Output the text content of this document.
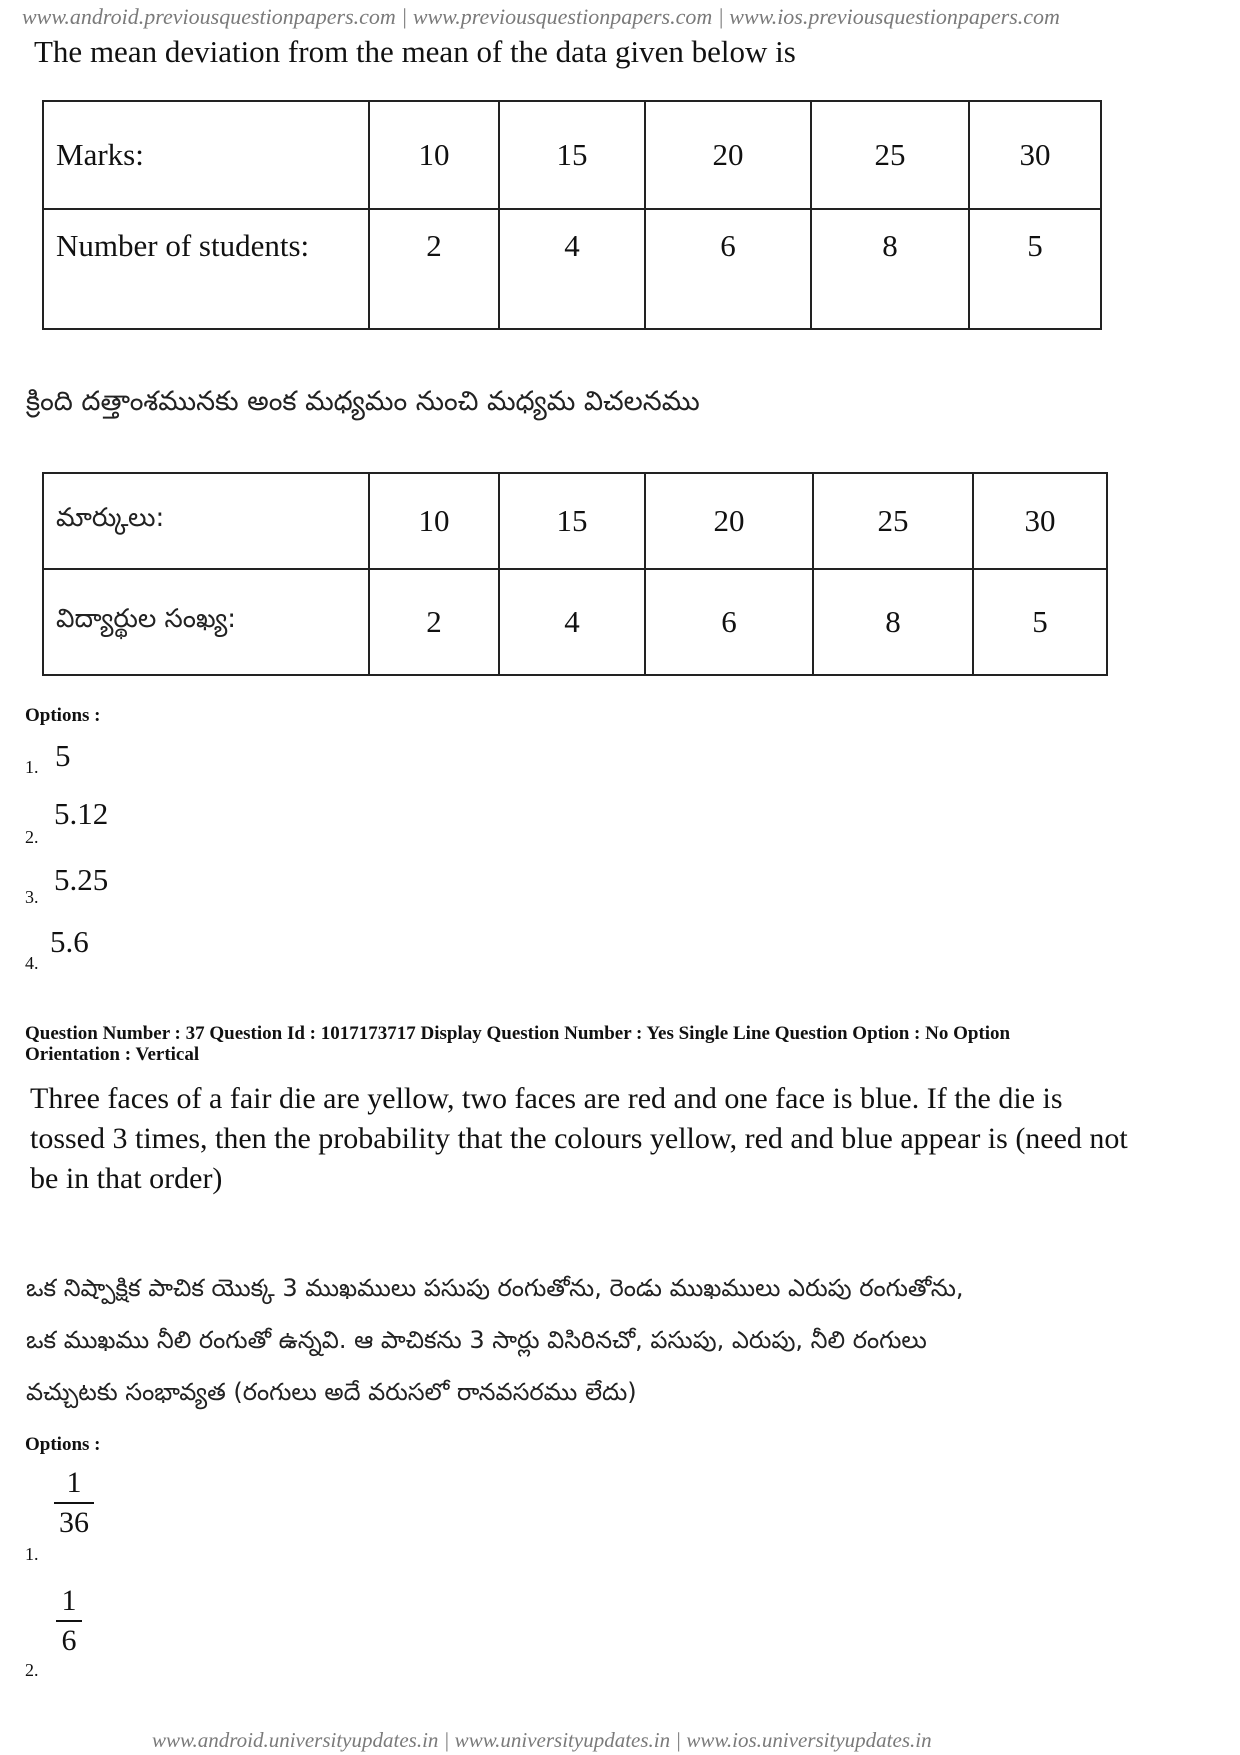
www.android.previousquestionpapers.com | www.previousquestionpapers.com | www.ios.previousquestionpapers.com
The mean deviation from the mean of the data given below is
Marks:	10	15	20	25	30
Number of students:	2	4	6	8	5
క్రింది దత్తాంశమునకు అంక మధ్యమం నుంచి మధ్యమ విచలనము
మార్కులు:	10	15	20	25	30
విద్యార్థుల సంఖ్య:	2	4	6	8	5
Options :
1. 5
2.
5.12
3. 5.25
4.
5.6
Question Number : 37 Question Id : 1017173717 Display Question Number : Yes Single Line Question Option : No Option
Orientation : Vertical
Three faces of a fair die are yellow, two faces are red and one face is blue. If the die is
tossed 3 times, then the probability that the colours yellow, red and blue appear is (need not
be in that order)
ఒక నిష్పాక్షిక పాచిక యొక్క 3 ముఖములు పసుపు రంగుతోను, రెండు ముఖములు ఎరుపు రంగుతోను,
ఒక ముఖము నీలి రంగుతో ఉన్నవి. ఆ పాచికను 3 సార్లు విసిరినచో, పసుపు, ఎరుపు, నీలి రంగులు
వచ్చుటకు సంభావ్యత (రంగులు అదే వరుసలో రానవసరము లేదు)
Options :
1.
1
36
2.
1
6
www.android.universityupdates.in | www.universityupdates.in | www.ios.universityupdates.in
